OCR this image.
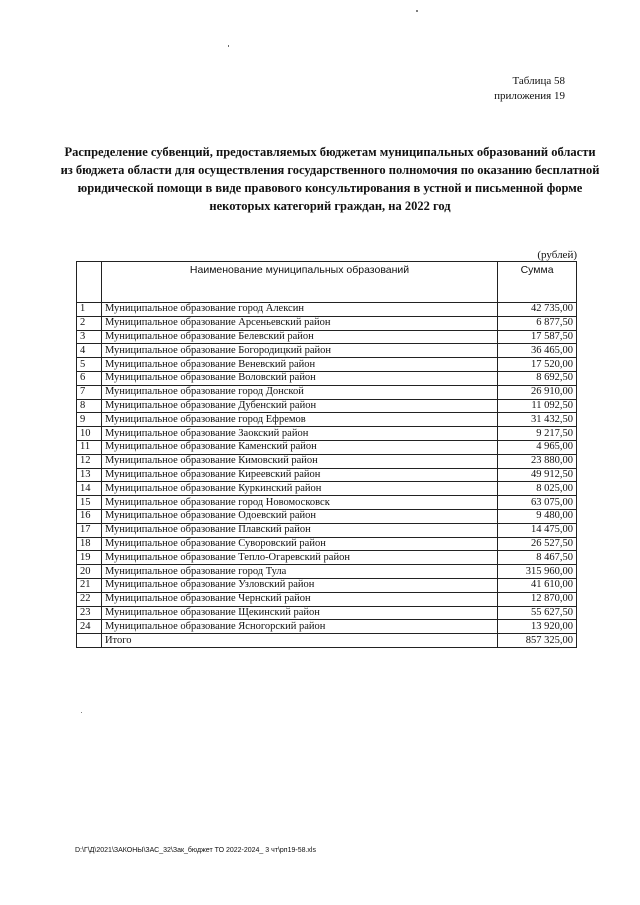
Таблица 58
приложения 19
Распределение субвенций, предоставляемых бюджетам муниципальных образований области из бюджета области для осуществления государственного полномочия по оказанию бесплатной юридической помощи в виде правового консультирования в устной и письменной форме некоторых категорий граждан, на 2022 год
(рублей)
	Наименование муниципальных образований	Сумма
1	Муниципальное образование город Алексин	42 735,00
2	Муниципальное образование Арсеньевский район	6 877,50
3	Муниципальное образование Белевский район	17 587,50
4	Муниципальное образование Богородицкий район	36 465,00
5	Муниципальное образование Веневский район	17 520,00
6	Муниципальное образование Воловский район	8 692,50
7	Муниципальное образование город Донской	26 910,00
8	Муниципальное образование Дубенский район	11 092,50
9	Муниципальное образование город Ефремов	31 432,50
10	Муниципальное образование Заокский район	9 217,50
11	Муниципальное образование Каменский район	4 965,00
12	Муниципальное образование Кимовский район	23 880,00
13	Муниципальное образование Киреевский район	49 912,50
14	Муниципальное образование Куркинский район	8 025,00
15	Муниципальное образование город Новомосковск	63 075,00
16	Муниципальное образование Одоевский район	9 480,00
17	Муниципальное образование Плавский район	14 475,00
18	Муниципальное образование Суворовский район	26 527,50
19	Муниципальное образование Тепло-Огаревский район	8 467,50
20	Муниципальное образование город Тула	315 960,00
21	Муниципальное образование Узловский район	41 610,00
22	Муниципальное образование Чернский район	12 870,00
23	Муниципальное образование Щекинский район	55 627,50
24	Муниципальное образование Ясногорский район	13 920,00
	Итого	857 325,00
D:\Г\Д\2021\ЗАКОНЫ\ЗАС_32\Зак_бюджет ТО 2022-2024_ 3 чт\рп19-58.xls
